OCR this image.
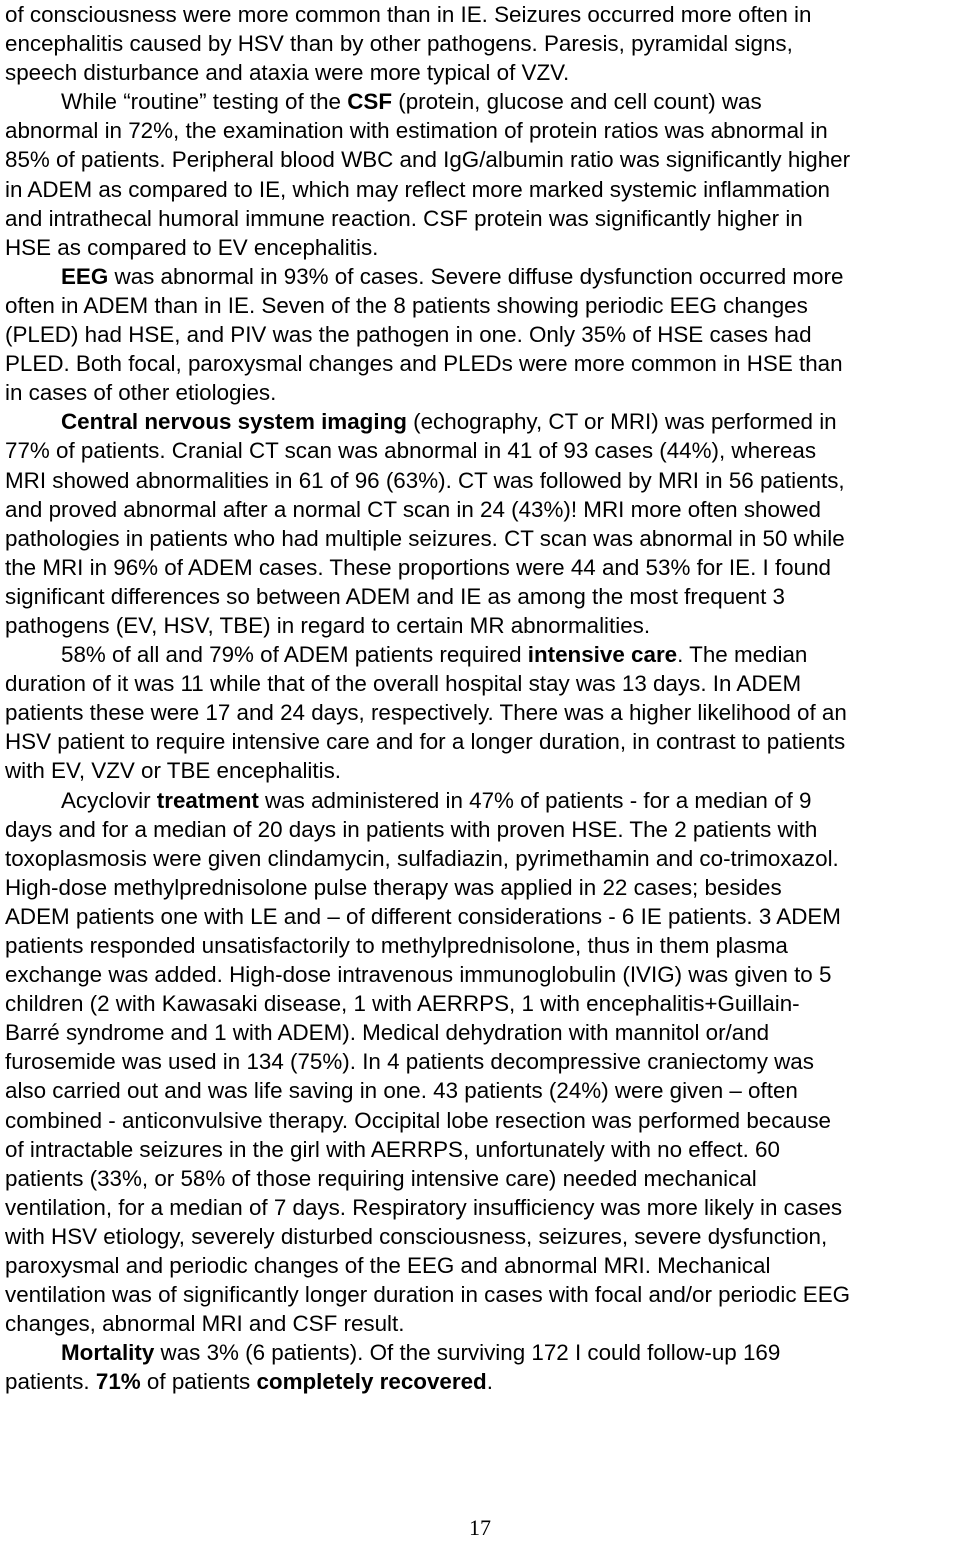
of consciousness were more common than in IE. Seizures occurred more often in
encephalitis caused by HSV than by other pathogens. Paresis, pyramidal signs,
speech disturbance and ataxia were more typical of VZV.
While “routine” testing of the CSF (protein, glucose and cell count) was
abnormal in 72%, the examination with estimation of protein ratios was abnormal in
85% of patients. Peripheral blood WBC and IgG/albumin ratio was significantly higher
in ADEM as compared to IE, which may reflect more marked systemic inflammation
and intrathecal humoral immune reaction. CSF protein was significantly higher in
HSE as compared to EV encephalitis.
EEG was abnormal in 93% of cases. Severe diffuse dysfunction occurred more
often in ADEM than in IE. Seven of the 8 patients showing periodic EEG changes
(PLED) had HSE, and PIV was the pathogen in one. Only 35% of HSE cases had
PLED. Both focal, paroxysmal changes and PLEDs were more common in HSE than
in cases of other etiologies.
Central nervous system imaging (echography, CT or MRI) was performed in
77% of patients. Cranial CT scan was abnormal in 41 of 93 cases (44%), whereas
MRI showed abnormalities in 61 of 96 (63%). CT was followed by MRI in 56 patients,
and proved abnormal after a normal CT scan in 24 (43%)! MRI more often showed
pathologies in patients who had multiple seizures. CT scan was abnormal in 50 while
the MRI in 96% of ADEM cases. These proportions were 44 and 53% for IE. I found
significant differences so between ADEM and IE as among the most frequent 3
pathogens (EV, HSV, TBE) in regard to certain MR abnormalities.
58% of all and 79% of ADEM patients required intensive care. The median
duration of it was 11 while that of the overall hospital stay was 13 days. In ADEM
patients these were 17 and 24 days, respectively. There was a higher likelihood of an
HSV patient to require intensive care and for a longer duration, in contrast to patients
with EV, VZV or TBE encephalitis.
Acyclovir treatment was administered in 47% of patients - for a median of 9
days and for a median of 20 days in patients with proven HSE. The 2 patients with
toxoplasmosis were given clindamycin, sulfadiazin, pyrimethamin and co-trimoxazol.
High-dose methylprednisolone pulse therapy was applied in 22 cases; besides
ADEM patients one with LE and – of different considerations - 6 IE patients. 3 ADEM
patients responded unsatisfactorily to methylprednisolone, thus in them plasma
exchange was added. High-dose intravenous immunoglobulin (IVIG) was given to 5
children (2 with Kawasaki disease, 1 with AERRPS, 1 with encephalitis+Guillain-
Barré syndrome and 1 with ADEM). Medical dehydration with mannitol or/and
furosemide was used in 134 (75%). In 4 patients decompressive craniectomy was
also carried out and was life saving in one. 43 patients (24%) were given – often
combined - anticonvulsive therapy. Occipital lobe resection was performed because
of intractable seizures in the girl with AERRPS, unfortunately with no effect. 60
patients (33%, or 58% of those requiring intensive care) needed mechanical
ventilation, for a median of 7 days. Respiratory insufficiency was more likely in cases
with HSV etiology, severely disturbed consciousness, seizures, severe dysfunction,
paroxysmal and periodic changes of the EEG and abnormal MRI. Mechanical
ventilation was of significantly longer duration in cases with focal and/or periodic EEG
changes, abnormal MRI and CSF result.
Mortality was 3% (6 patients). Of the surviving 172 I could follow-up 169
patients. 71% of patients completely recovered.
17
